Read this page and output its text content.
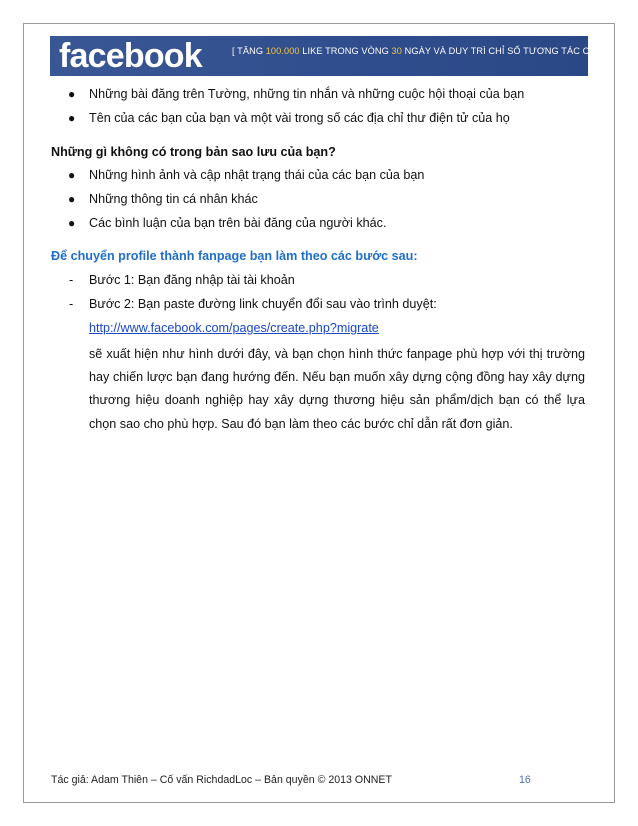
facebook	[ TĂNG 100.000 LIKE TRONG VÒNG 30 NGÀY VÀ DUY TRÌ CHỈ SỐ TƯƠNG TÁC CAO ]
● Những bài đăng trên Tường, những tin nhắn và những cuộc hội thoại của bạn
● Tên của các bạn của bạn và một vài trong số các địa chỉ thư điện tử của họ
Những gì không có trong bản sao lưu của bạn?
● Những hình ảnh và cập nhật trạng thái của các bạn của bạn
● Những thông tin cá nhân khác
● Các bình luận của bạn trên bài đăng của người khác.
Để chuyển profile thành fanpage bạn làm theo các bước sau:
- Bước 1: Bạn đăng nhập tài tài khoản
- Bước 2: Bạn paste đường link chuyển đổi sau vào trình duyệt:
http://www.facebook.com/pages/create.php?migrate
sẽ xuất hiện như hình dưới đây, và bạn chọn hình thức fanpage phù hợp với thị trường hay chiến lược bạn đang hướng đến. Nếu bạn muốn xây dựng cộng đồng hay xây dựng thương hiệu doanh nghiệp hay xây dựng thương hiệu sản phẩm/dịch bạn có thể lựa chọn sao cho phù hợp. Sau đó bạn làm theo các bước chỉ dẫn rất đơn giản.
Tác giả: Adam Thiên – Cố vấn RichdadLoc – Bản quyền © 2013 ONNET	16
